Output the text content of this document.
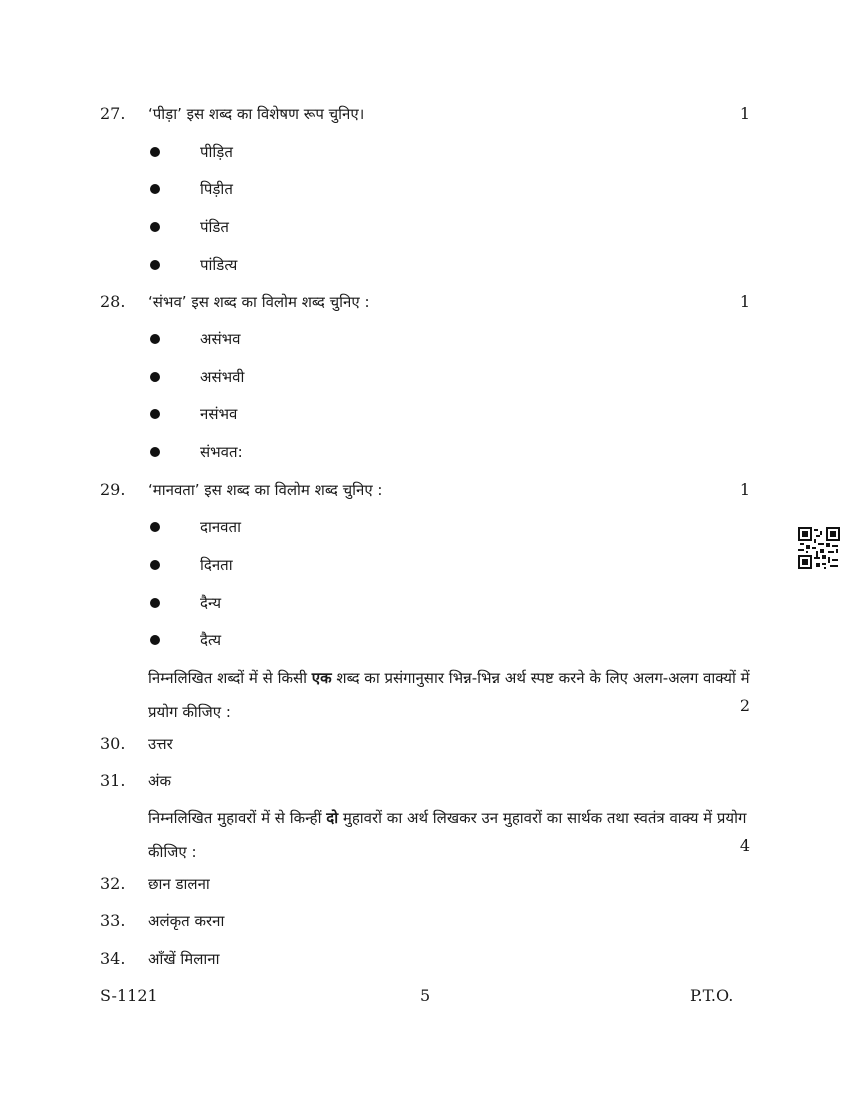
27. ‘पीड़ा’ इस शब्द का विशेषण रूप चुनिए।	1
पीड़ित
पिड़ीत
पंडित
पांडित्य
28. ‘संभव’ इस शब्द का विलोम शब्द चुनिए :	1
असंभव
असंभवी
नसंभव
संभवत:
29. ‘मानवता’ इस शब्द का विलोम शब्द चुनिए :	1
दानवता
दिनता
दैन्य
दैत्य
निम्नलिखित शब्दों में से किसी एक शब्द का प्रसंगानुसार भिन्न-भिन्न अर्थ स्पष्ट करने के लिए अलग-अलग वाक्यों में प्रयोग कीजिए :	2
30. उत्तर
31. अंक
निम्नलिखित मुहावरों में से किन्हीं दो मुहावरों का अर्थ लिखकर उन मुहावरों का सार्थक तथा स्वतंत्र वाक्य में प्रयोग कीजिए :	4
32. छान डालना
33. अलंकृत करना
34. आँखें मिलाना
S-1121	5	P.T.O.
